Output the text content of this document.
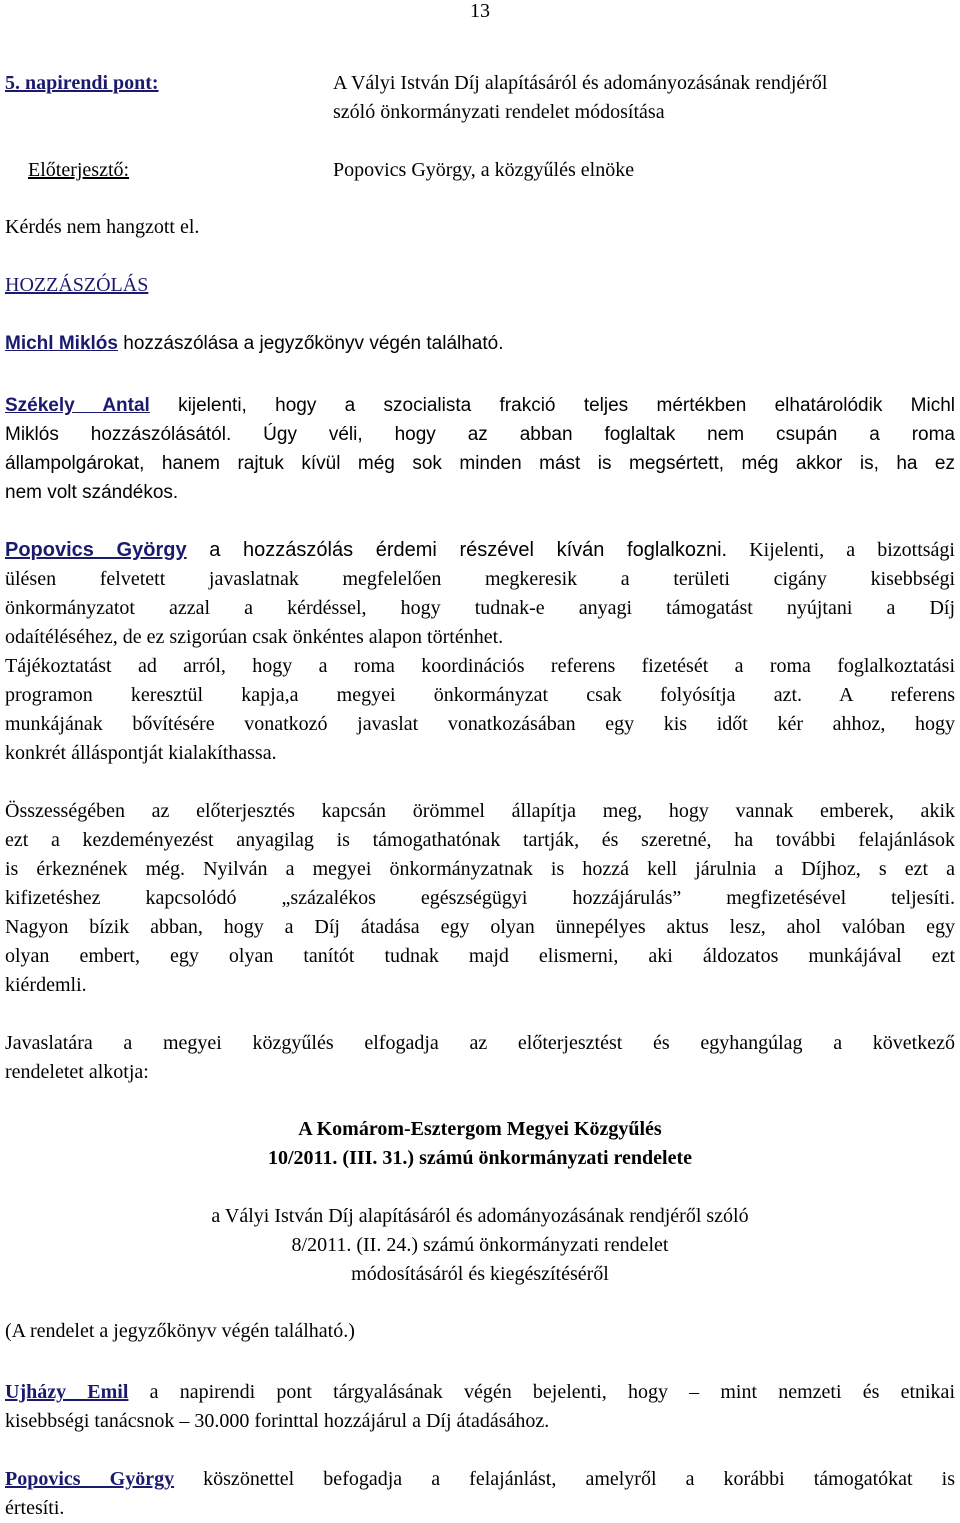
13
5. napirendi pont:	A Vályi István Díj alapításáról és adományozásának rendjéről
szóló önkormányzati rendelet módosítása
Előterjesztő:	Popovics György, a közgyűlés elnöke
Kérdés nem hangzott el.
HOZZÁSZÓLÁS
Michl Miklós hozzászólása a jegyzőkönyv végén található.
Székely Antal kijelenti, hogy a szocialista frakció teljes mértékben elhatárolódik Michl
Miklós hozzászólásától. Úgy véli, hogy az abban foglaltak nem csupán a roma
állampolgárokat, hanem rajtuk kívül még sok minden mást is megsértett, még akkor is, ha ez
nem volt szándékos.
Popovics György a hozzászólás érdemi részével kíván foglalkozni. Kijelenti, a bizottsági
ülésen felvetett javaslatnak megfelelően megkeresik a területi cigány kisebbségi
önkormányzatot azzal a kérdéssel, hogy tudnak-e anyagi támogatást nyújtani a Díj
odaítéléséhez, de ez szigorúan csak önkéntes alapon történhet.
Tájékoztatást ad arról, hogy a roma koordinációs referens fizetését a roma foglalkoztatási
programon keresztül kapja,a megyei önkormányzat csak folyósítja azt. A referens
munkájának bővítésére vonatkozó javaslat vonatkozásában egy kis időt kér ahhoz, hogy
konkrét álláspontját kialakíthassa.
Összességében az előterjesztés kapcsán örömmel állapítja meg, hogy vannak emberek, akik
ezt a kezdeményezést anyagilag is támogathatónak tartják, és szeretné, ha további felajánlások
is érkeznének még. Nyilván a megyei önkormányzatnak is hozzá kell járulnia a Díjhoz, s ezt a
kifizetéshez kapcsolódó „százalékos egészségügyi hozzájárulás” megfizetésével teljesíti.
Nagyon bízik abban, hogy a Díj átadása egy olyan ünnepélyes aktus lesz, ahol valóban egy
olyan embert, egy olyan tanítót tudnak majd elismerni, aki áldozatos munkájával ezt
kiérdemli.
Javaslatára a megyei közgyűlés elfogadja az előterjesztést és egyhangúlag a következő
rendeletet alkotja:
A Komárom-Esztergom Megyei Közgyűlés
10/2011. (III. 31.) számú önkormányzati rendelete
a Vályi István Díj alapításáról és adományozásának rendjéről szóló
8/2011. (II. 24.) számú önkormányzati rendelet
módosításáról és kiegészítéséről
(A rendelet a jegyzőkönyv végén található.)
Ujházy Emil a napirendi pont tárgyalásának végén bejelenti, hogy – mint nemzeti és etnikai
kisebbségi tanácsnok – 30.000 forinttal hozzájárul a Díj átadásához.
Popovics György köszönettel befogadja a felajánlást, amelyről a korábbi támogatókat is
értesíti.
